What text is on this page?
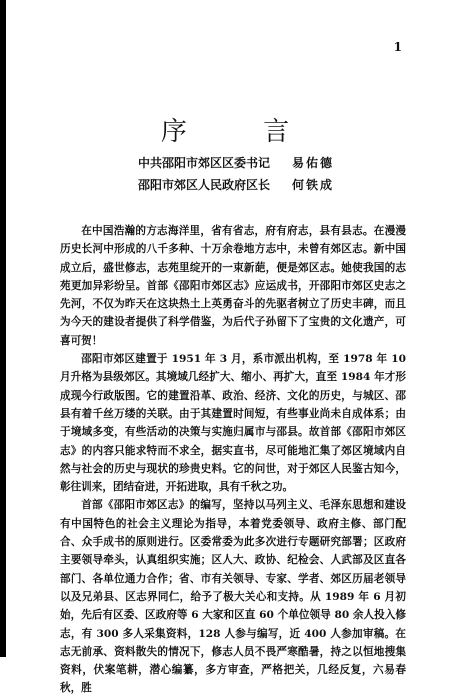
1
序 言
中共邵阳市郊区区委书记 易佑德
邵阳市郊区人民政府区长 何铁成

在中国浩瀚的方志海洋里，省有省志，府有府志，县有县志。在漫漫历史长河中形成的八千多种、十万余卷地方志中，未曾有郊区志。新中国成立后，盛世修志，志苑里绽开的一束新葩，便是郊区志。她使我国的志苑更加异彩纷呈。首部《邵阳市郊区志》应运成书，开邵阳市郊区史志之先河，不仅为昨天在这块热土上英勇奋斗的先驱者树立了历史丰碑，而且为今天的建设者提供了科学借鉴，为后代子孙留下了宝贵的文化遗产，可喜可贺！

邵阳市郊区建置于 1951 年 3 月，系市派出机构，至 1978 年 10 月升格为县级郊区。其境域几经扩大、缩小、再扩大，直至 1984 年才形成现今行政版图。它的建置沿革、政治、经济、文化的历史，与城区、邵县有着千丝万缕的关联。由于其建置时间短，有些事业尚未自成体系；由于境域多变，有些活动的决策与实施归属市与邵县。故首部《邵阳市郊区志》的内容只能求特而不求全，据实直书，尽可能地汇集了郊区境域内自然与社会的历史与现状的珍贵史料。它的问世，对于郊区人民鉴古知今，彰往训来，团结奋进，开拓进取，具有千秋之功。

首部《邵阳市郊区志》的编写，坚持以马列主义、毛泽东思想和建设有中国特色的社会主义理论为指导，本着党委领导、政府主修、部门配合、众手成书的原则进行。区委常委为此多次进行专题研究部署；区政府主要领导牵头，认真组织实施；区人大、政协、纪检会、人武部及区直各部门、各单位通力合作；省、市有关领导、专家、学者、郊区历届老领导以及兄弟县、区志界同仁，给予了极大关心和支持。从 1989 年 6 月初始，先后有区委、区政府等 6 大家和区直 60 个单位领导 80 余人投入修志，有 300 多人采集资料，128 人参与编写，近 400 人参加审稿。在志无前承、资料散失的情况下，修志人员不畏严寒酷暑，持之以恒地搜集资料，伏案笔耕，潜心编纂，多方审查，严格把关，几经反复，六易春秋，胜
